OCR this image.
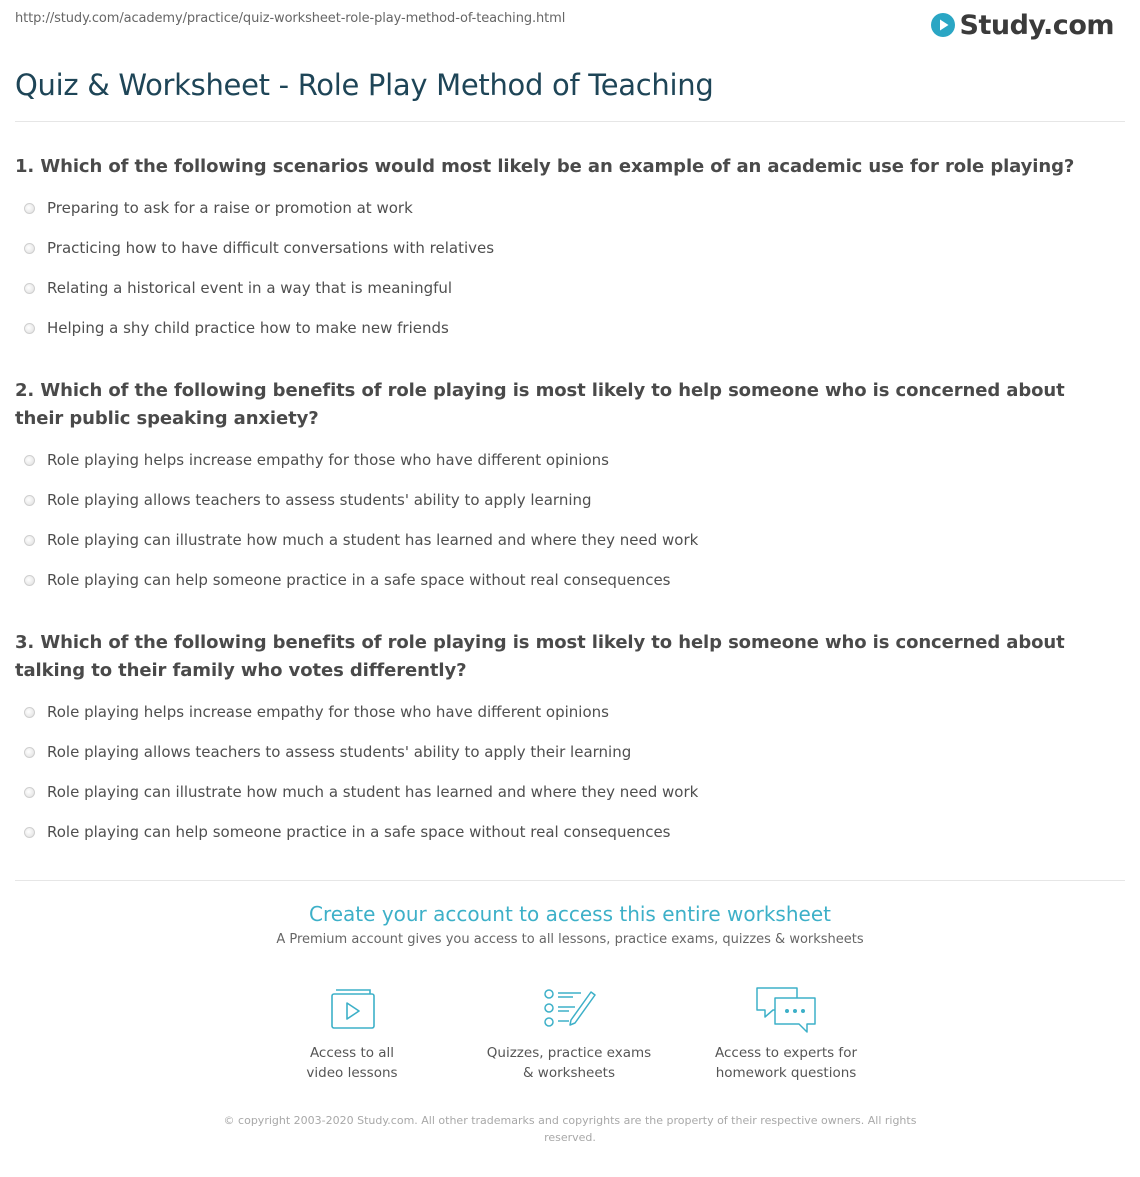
http://study.com/academy/practice/quiz-worksheet-role-play-method-of-teaching.html	Study.com
Quiz & Worksheet - Role Play Method of Teaching

1. Which of the following scenarios would most likely be an example of an academic use for role playing?

Preparing to ask for a raise or promotion at work
Practicing how to have difficult conversations with relatives
Relating a historical event in a way that is meaningful
Helping a shy child practice how to make new friends

2. Which of the following benefits of role playing is most likely to help someone who is concerned about their public speaking anxiety?

Role playing helps increase empathy for those who have different opinions
Role playing allows teachers to assess students' ability to apply learning
Role playing can illustrate how much a student has learned and where they need work
Role playing can help someone practice in a safe space without real consequences

3. Which of the following benefits of role playing is most likely to help someone who is concerned about talking to their family who votes differently?

Role playing helps increase empathy for those who have different opinions
Role playing allows teachers to assess students' ability to apply their learning
Role playing can illustrate how much a student has learned and where they need work
Role playing can help someone practice in a safe space without real consequences

Create your account to access this entire worksheet

A Premium account gives you access to all lessons, practice exams, quizzes & worksheets
Access to all
video lessons
Quizzes, practice exams
& worksheets
Access to experts for
homework questions
© copyright 2003-2020 Study.com. All other trademarks and copyrights are the property of their respective owners. All rights reserved.
